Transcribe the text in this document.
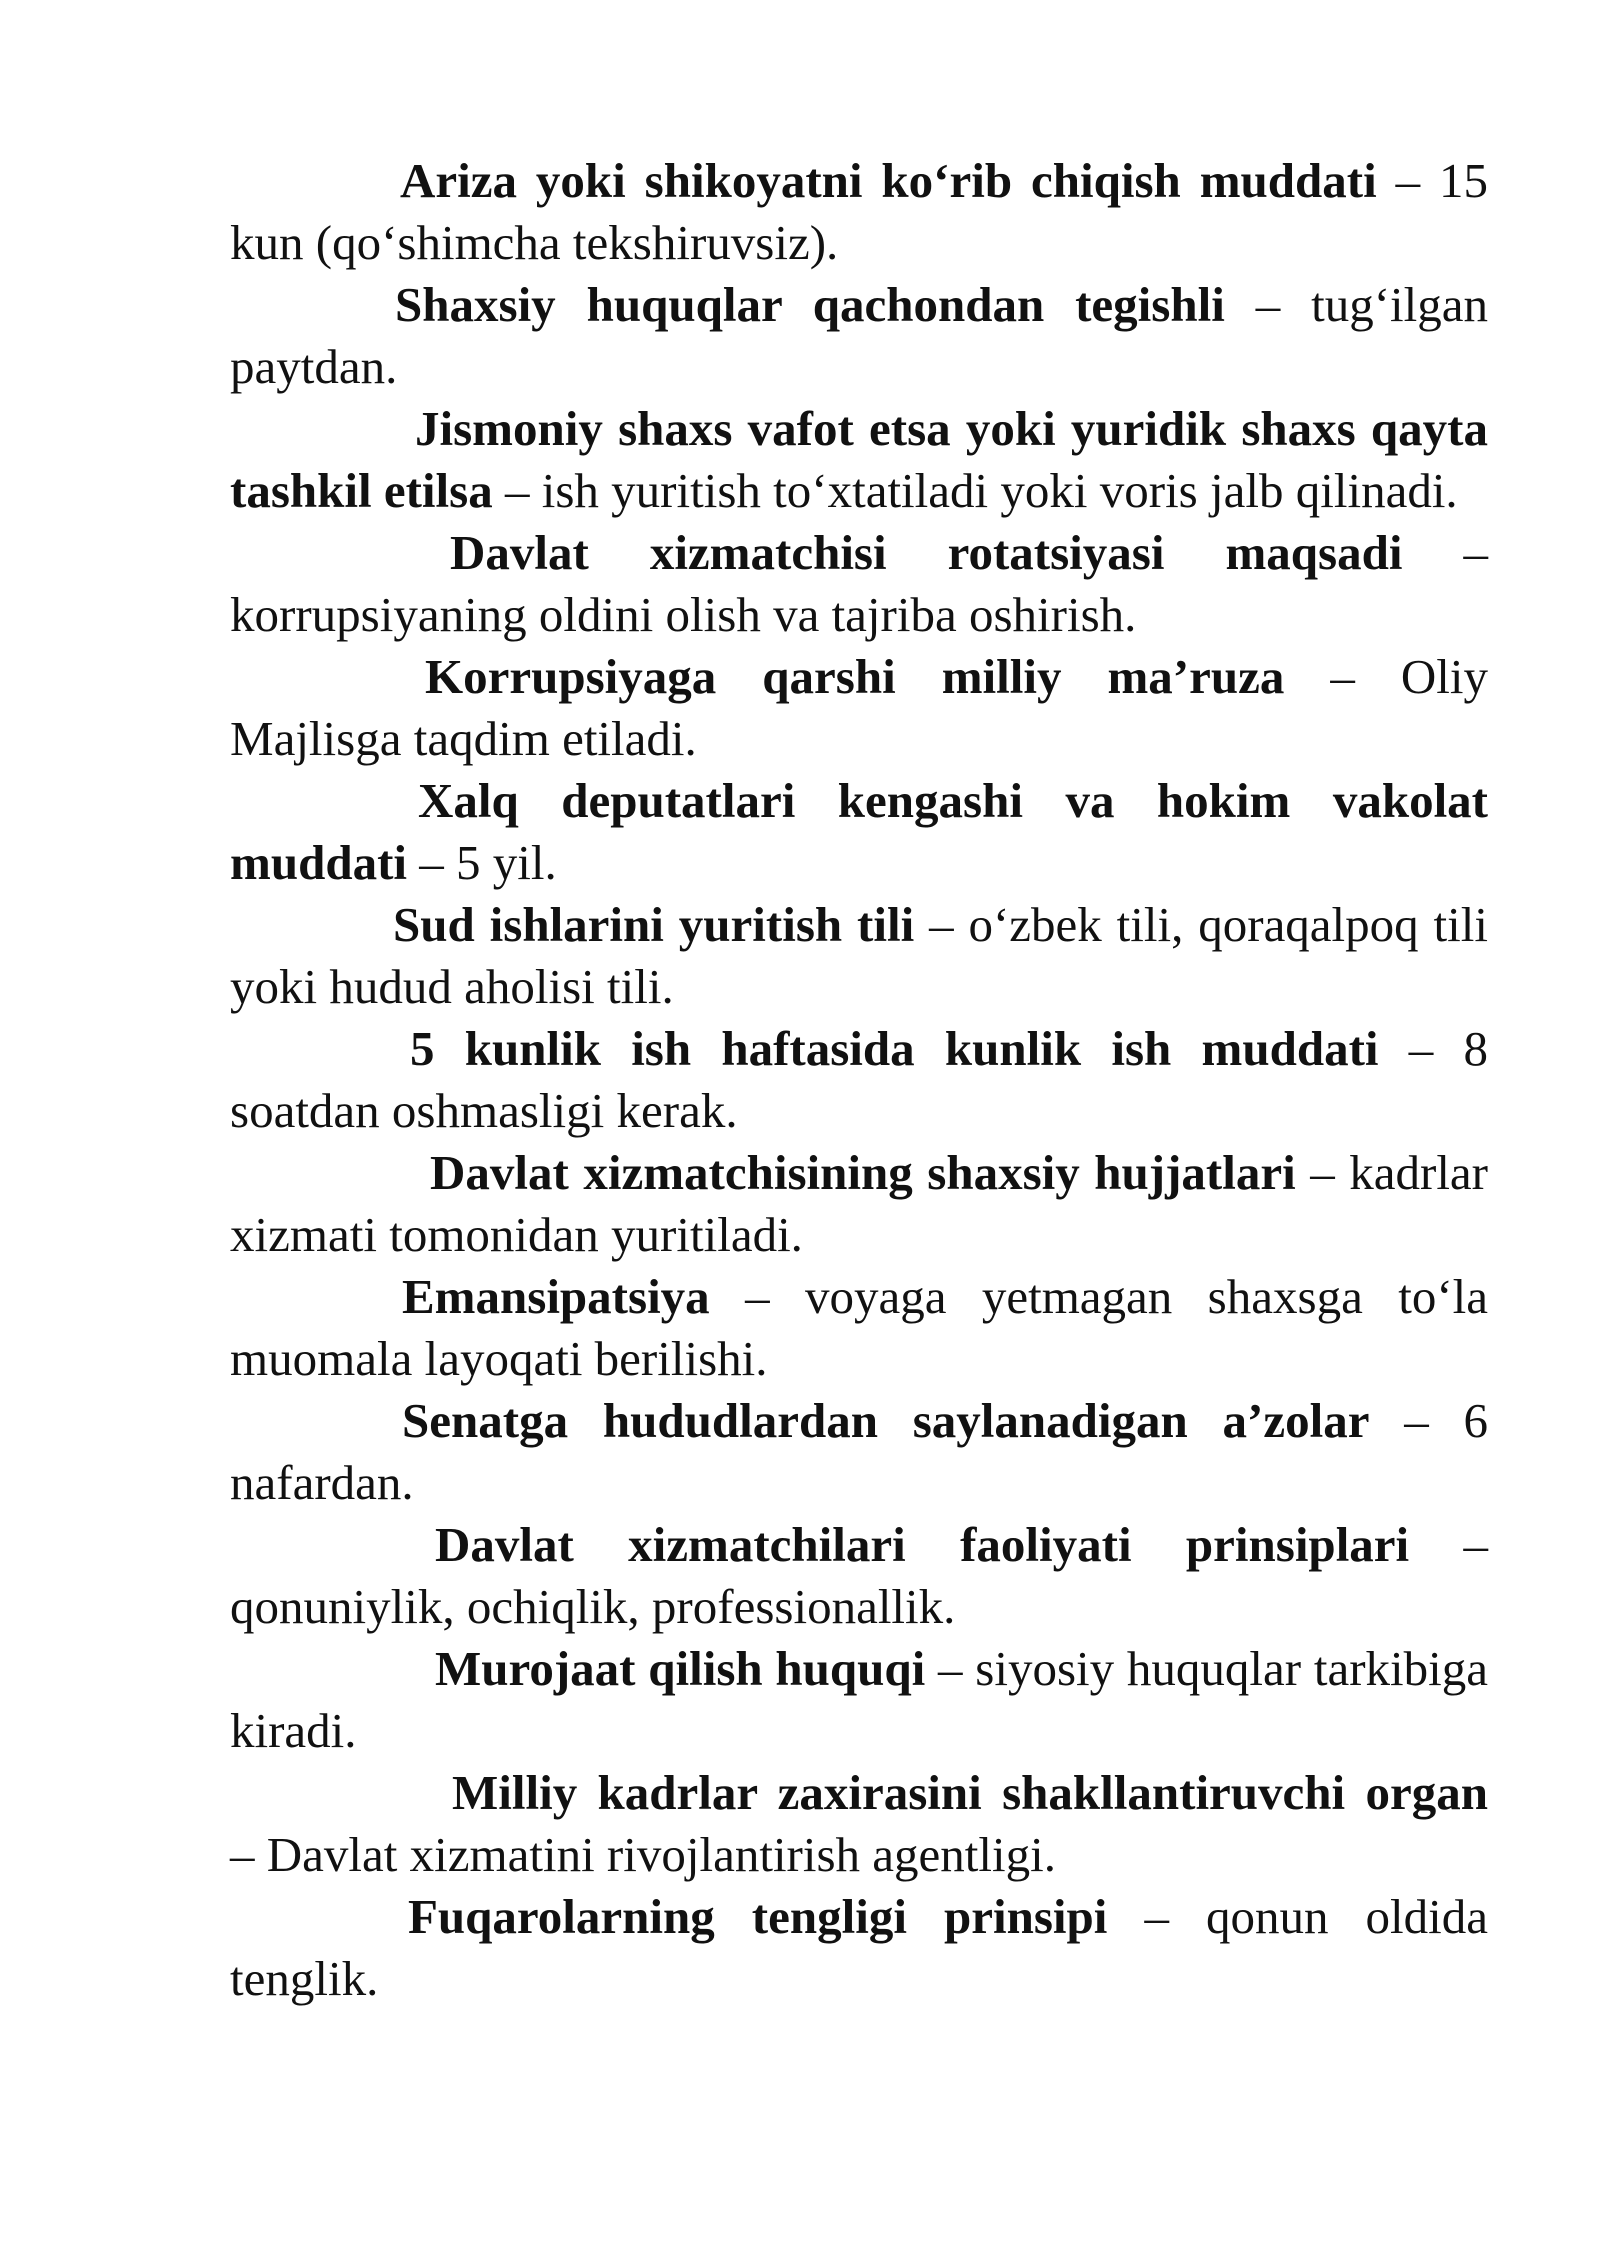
Ariza yoki shikoyatni ko‘rib chiqish muddati – 15 kun (qo‘shimcha tekshiruvsiz).

Shaxsiy huquqlar qachondan tegishli – tug‘ilgan paytdan.

Jismoniy shaxs vafot etsa yoki yuridik shaxs qayta tashkil etilsa – ish yuritish to‘xtatiladi yoki voris jalb qilinadi.

Davlat xizmatchisi rotatsiyasi maqsadi – korrupsiyaning oldini olish va tajriba oshirish.

Korrupsiyaga qarshi milliy ma’ruza – Oliy Majlisga taqdim etiladi.

Xalq deputatlari kengashi va hokim vakolat muddati – 5 yil.

Sud ishlarini yuritish tili – o‘zbek tili, qoraqalpoq tili yoki hudud aholisi tili.

5 kunlik ish haftasida kunlik ish muddati – 8 soatdan oshmasligi kerak.

Davlat xizmatchisining shaxsiy hujjatlari – kadrlar xizmati tomonidan yuritiladi.

Emansipatsiya – voyaga yetmagan shaxsga to‘la muomala layoqati berilishi.

Senatga hududlardan saylanadigan a’zolar – 6 nafardan.

Davlat xizmatchilari faoliyati prinsiplari – qonuniylik, ochiqlik, professionallik.

Murojaat qilish huquqi – siyosiy huquqlar tarkibiga kiradi.

Milliy kadrlar zaxirasini shakllantiruvchi organ – Davlat xizmatini rivojlantirish agentligi.

Fuqarolarning tengligi prinsipi – qonun oldida tenglik.
